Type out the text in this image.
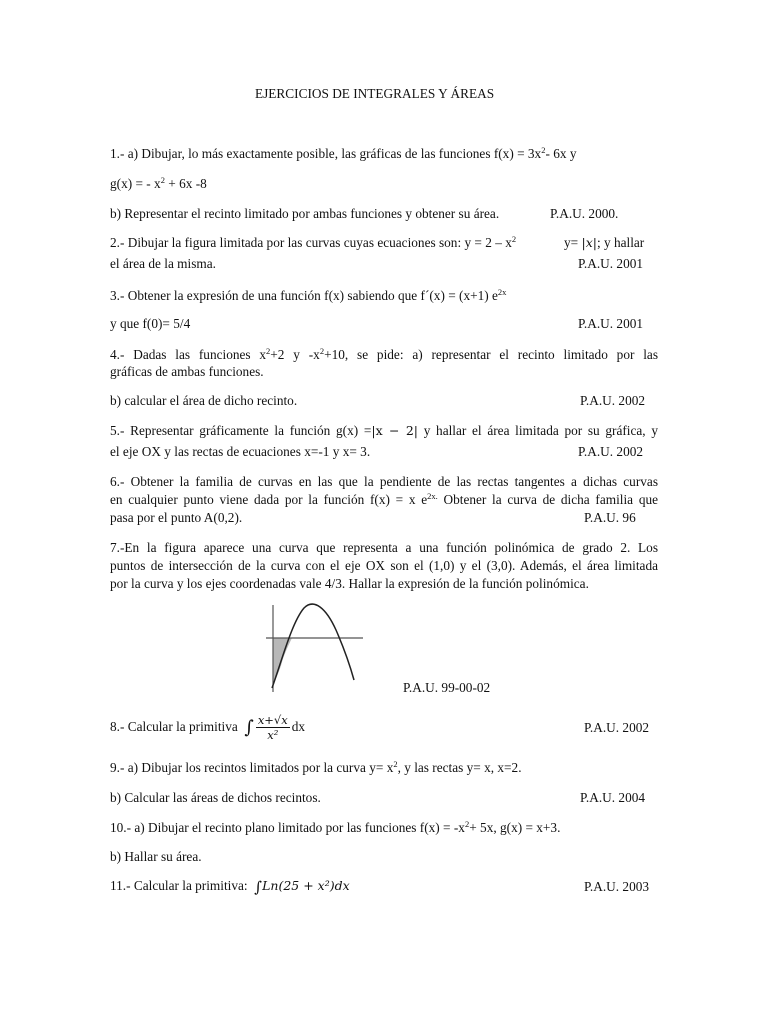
EJERCICIOS DE INTEGRALES Y ÁREAS
1.- a) Dibujar, lo más exactamente posible, las gráficas de las funciones $f(x) = 3x^2-$ 6x y
g(x) = - $x^2 + 6x$ -8
b) Representar el recinto limitado por ambas funciones y obtener su área.	P.A.U. 2000.
2.- Dibujar la figura limitada por las curvas cuyas ecuaciones son: $y = 2 - x^2$	y= |x|; y hallar
el área de la misma.	P.A.U. 2001
3.- Obtener la expresión de una función f(x) sabiendo que f´(x) = (x+1) $e^{2x}$
y que f(0)= 5/4	P.A.U. 2001
4.- Dadas las funciones $x^2+2$ y $-x^2+10$, se pide: a) representar el recinto limitado por las
gráficas de ambas funciones.
b) calcular el área de dicho recinto.	P.A.U. 2002
5.- Representar gráficamente la función g(x) =|x − 2| y hallar el área limitada por su gráfica, y
el eje OX y las rectas de ecuaciones x=-1 y x= 3.	P.A.U. 2002
6.- Obtener la familia de curvas en las que la pendiente de las rectas tangentes a dichas curvas
en cualquier punto viene dada por la función f(x) = x $e^{2x.}$ Obtener la curva de dicha familia que
pasa por el punto A(0,2).	P.A.U. 96
7.-En la figura aparece una curva que representa a una función polinómica de grado 2. Los
puntos de intersección de la curva con el eje OX son el (1,0) y el (3,0). Además, el área limitada
por la curva y los ejes coordenadas vale 4/3. Hallar la expresión de la función polinómica.
P.A.U. 99-00-02
8.- Calcular la primitiva ∫ $\frac{x+√x}{\text{x²}}$ dx	P.A.U. 2002
9.- a) Dibujar los recintos limitados por la curva $y= x^2$, y las rectas y= x, x=2.
b) Calcular las áreas de dichos recintos.	P.A.U. 2004
10.- a) Dibujar el recinto plano limitado por las funciones $f(x) = -x^2+ 5x$, g(x) = x+3.
b) Hallar su área.
11.- Calcular la primitiva: ∫Ln(25 + x²)dx	P.A.U. 2003
